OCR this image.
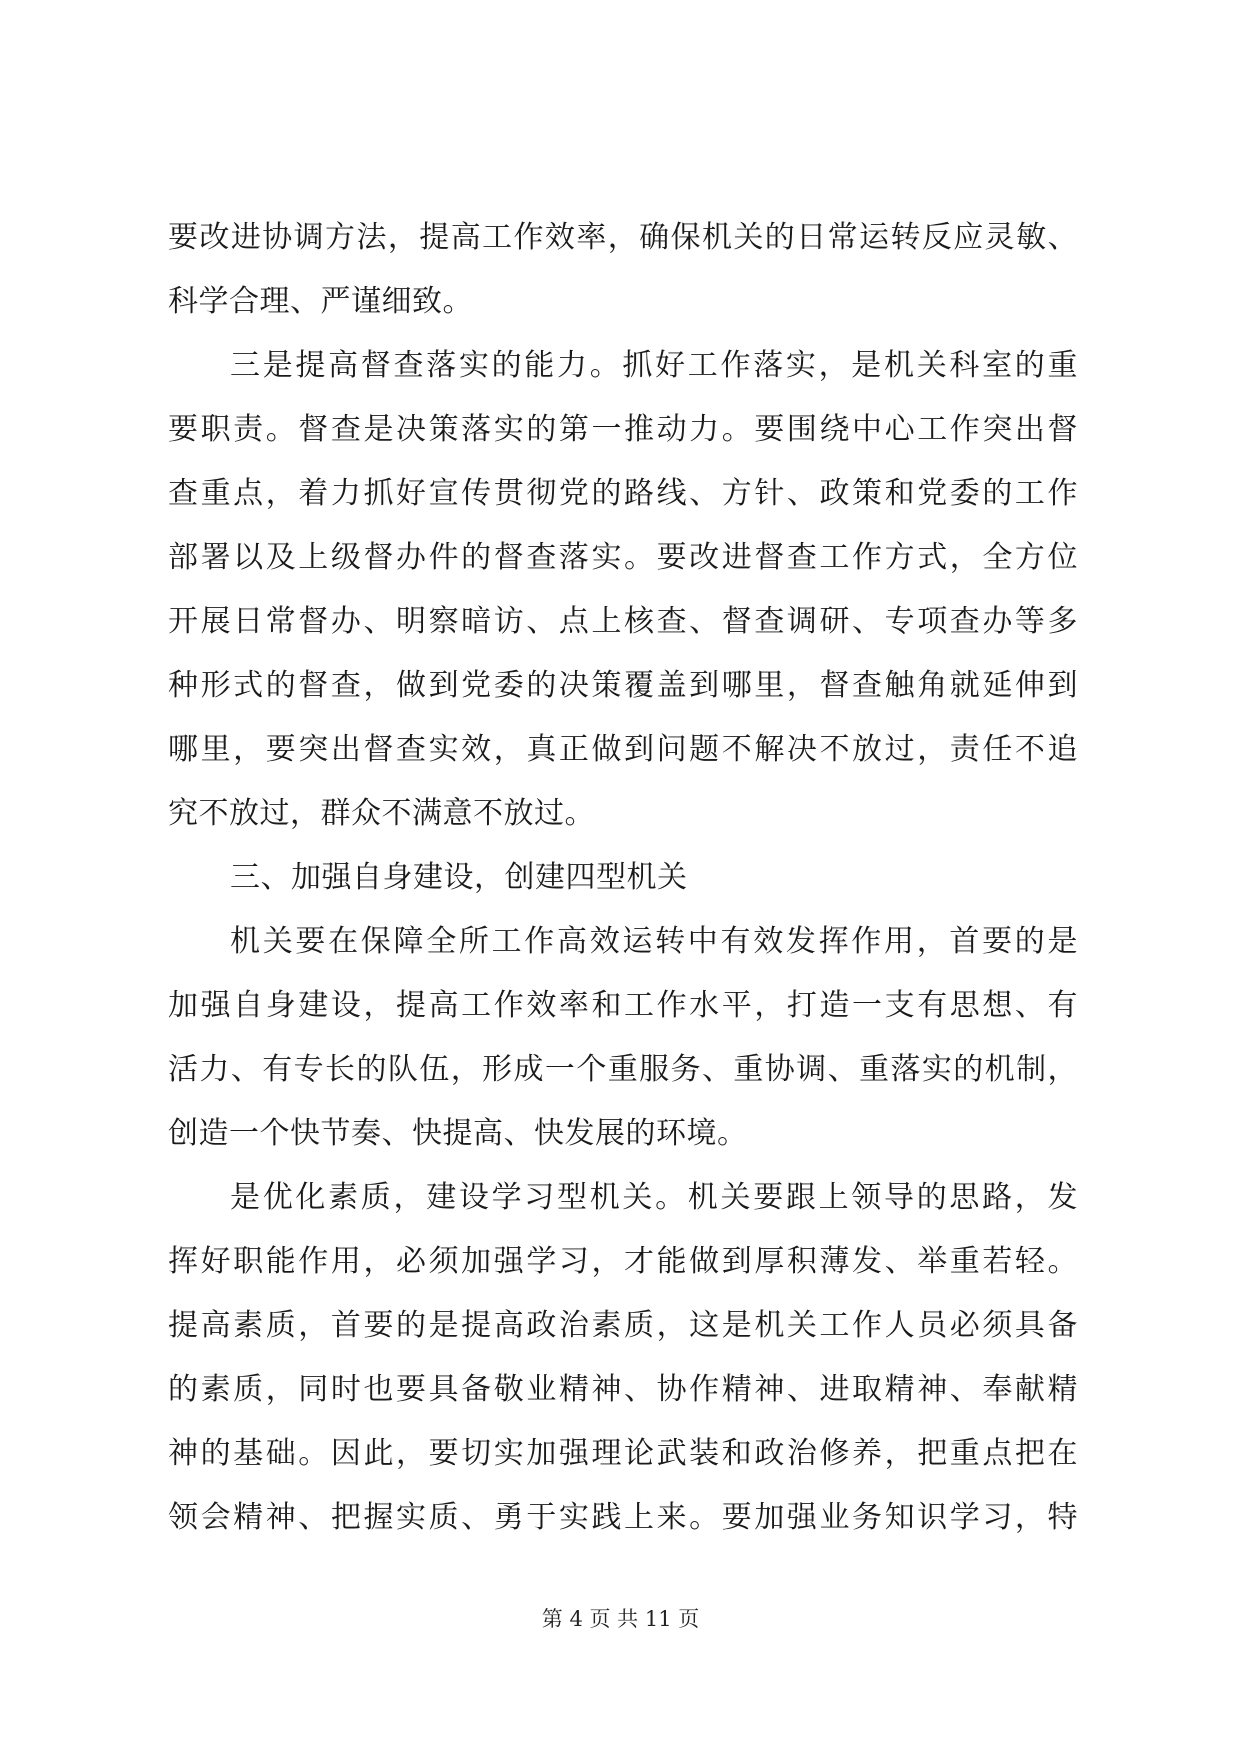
要改进协调方法，提高工作效率，确保机关的日常运转反应灵敏、
科学合理、严谨细致。
三是提高督查落实的能力。抓好工作落实，是机关科室的重
要职责。督查是决策落实的第一推动力。要围绕中心工作突出督
查重点，着力抓好宣传贯彻党的路线、方针、政策和党委的工作
部署以及上级督办件的督查落实。要改进督查工作方式，全方位
开展日常督办、明察暗访、点上核查、督查调研、专项查办等多
种形式的督查，做到党委的决策覆盖到哪里，督查触角就延伸到
哪里，要突出督查实效，真正做到问题不解决不放过，责任不追
究不放过，群众不满意不放过。
三、加强自身建设，创建四型机关
机关要在保障全所工作高效运转中有效发挥作用，首要的是
加强自身建设，提高工作效率和工作水平，打造一支有思想、有
活力、有专长的队伍，形成一个重服务、重协调、重落实的机制，
创造一个快节奏、快提高、快发展的环境。
是优化素质，建设学习型机关。机关要跟上领导的思路，发
挥好职能作用，必须加强学习，才能做到厚积薄发、举重若轻。
提高素质，首要的是提高政治素质，这是机关工作人员必须具备
的素质，同时也要具备敬业精神、协作精神、进取精神、奉献精
神的基础。因此，要切实加强理论武装和政治修养，把重点把在
领会精神、把握实质、勇于实践上来。要加强业务知识学习，特
第 4 页 共 11 页
